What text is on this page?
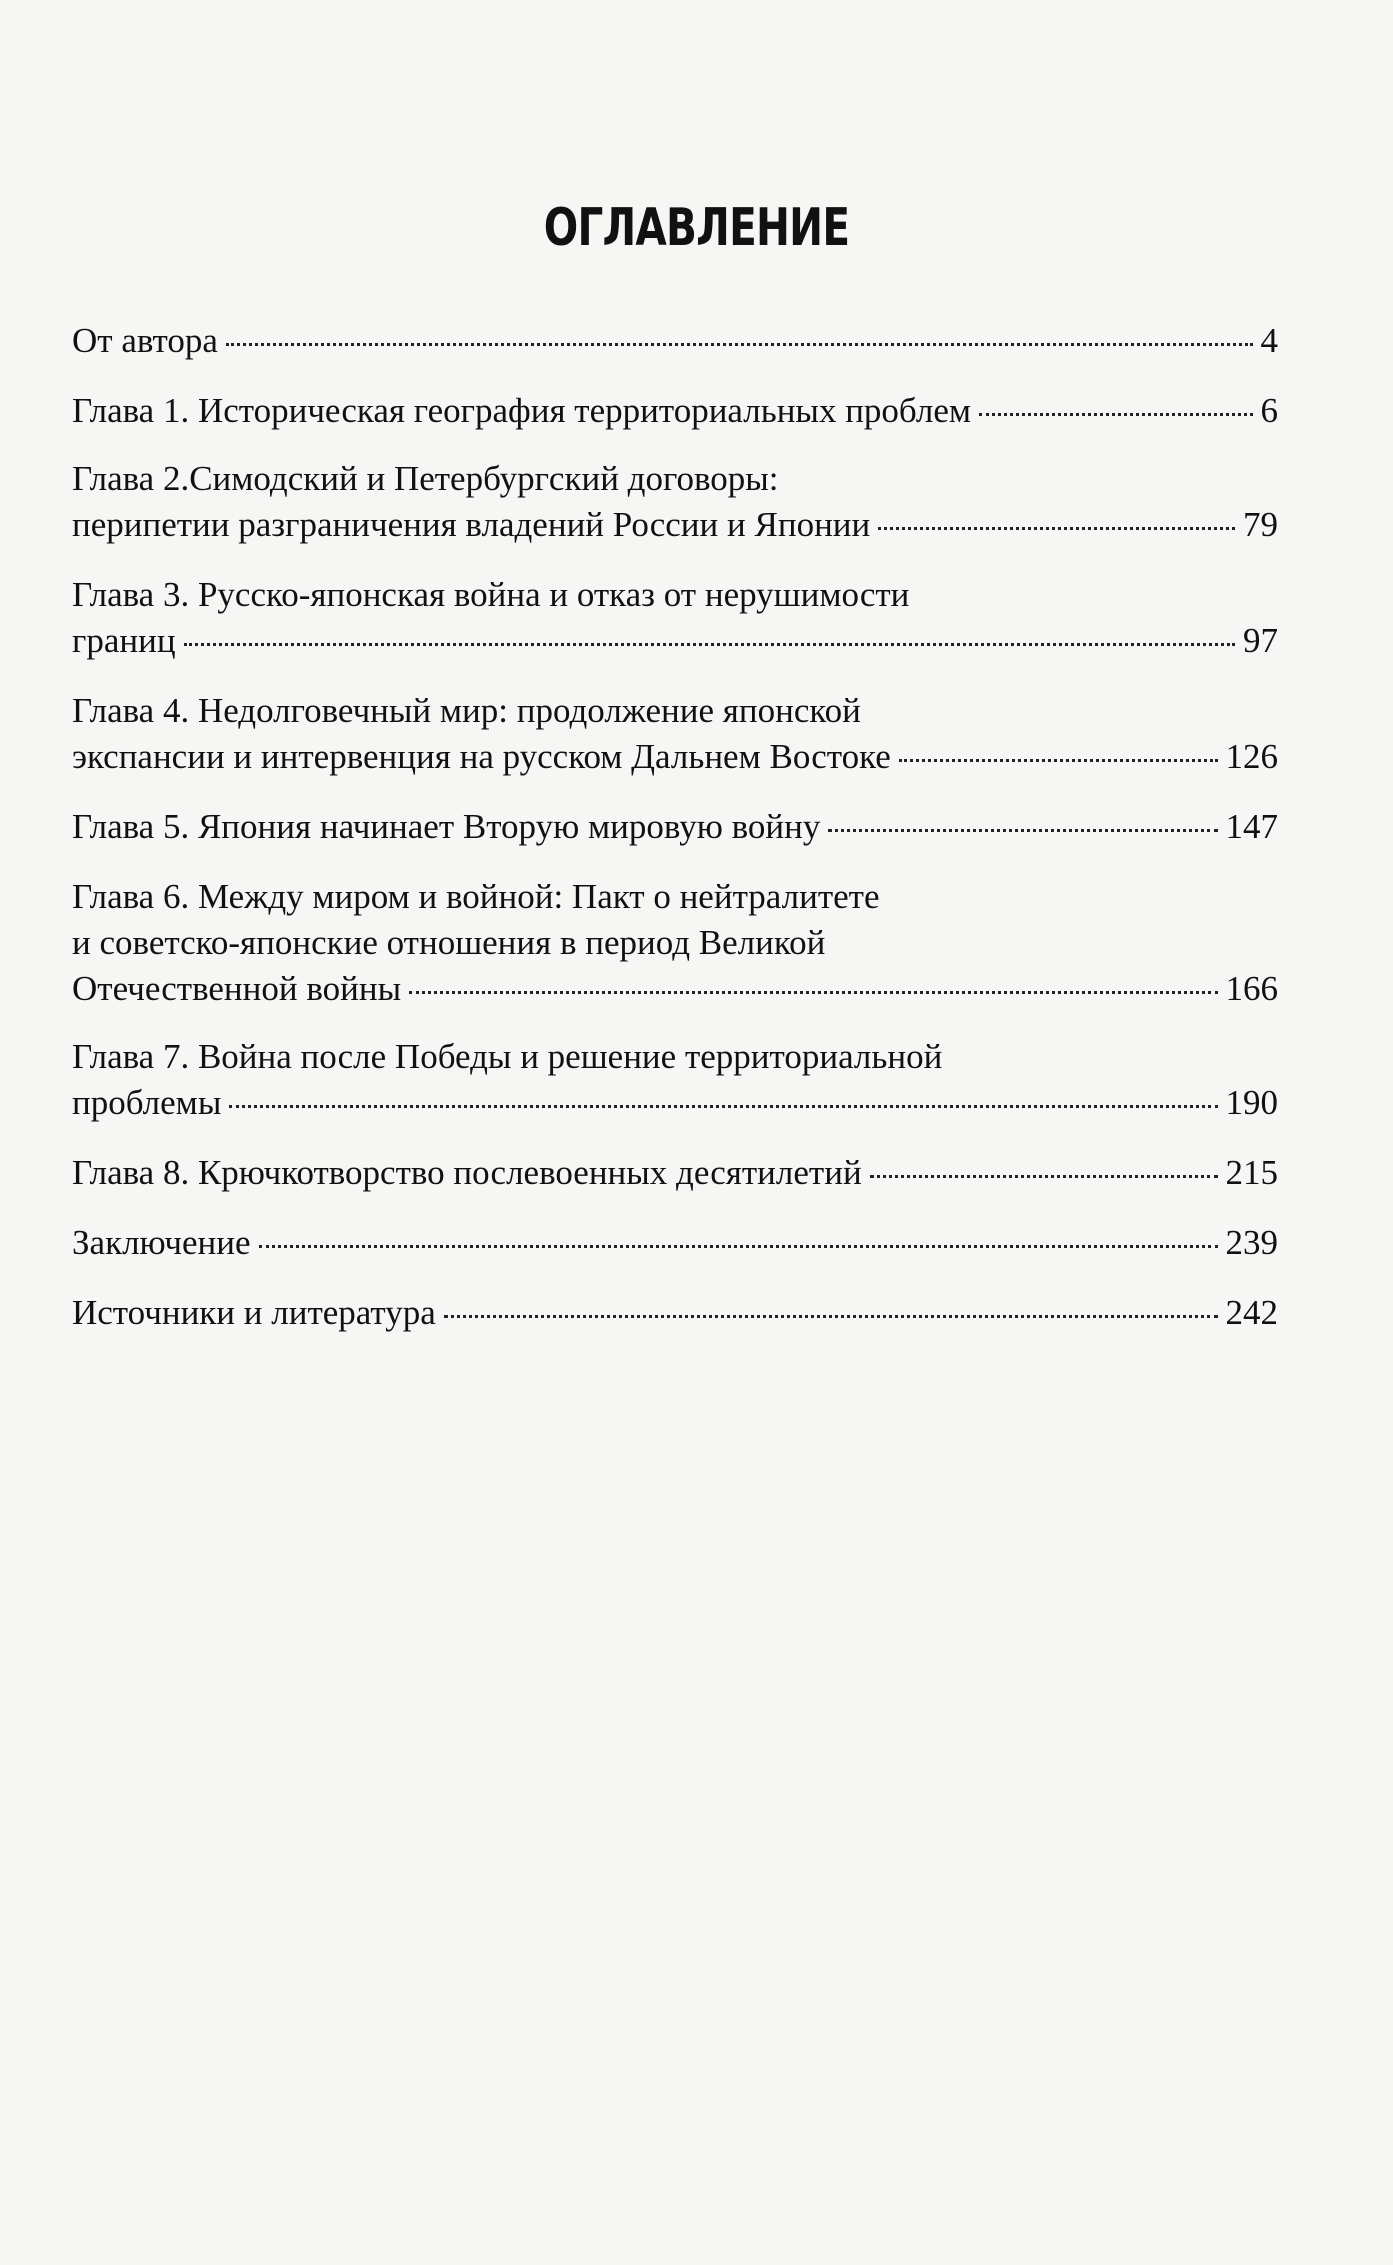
ОГЛАВЛЕНИЕ
От автора	4
Глава 1. Историческая география территориальных проблем	6
Глава 2.Симодский и Петербургский договоры:
перипетии разграничения владений России и Японии	79
Глава 3. Русско-японская война и отказ от нерушимости
границ	97
Глава 4. Недолговечный мир: продолжение японской
экспансии и интервенция на русском Дальнем Востоке	126
Глава 5. Япония начинает Вторую мировую войну	147
Глава 6. Между миром и войной: Пакт о нейтралитете
и советско-японские отношения в период Великой
Отечественной войны	166
Глава 7. Война после Победы и решение территориальной
проблемы	190
Глава 8. Крючкотворство послевоенных десятилетий	215
Заключение	239
Источники и литература	242
